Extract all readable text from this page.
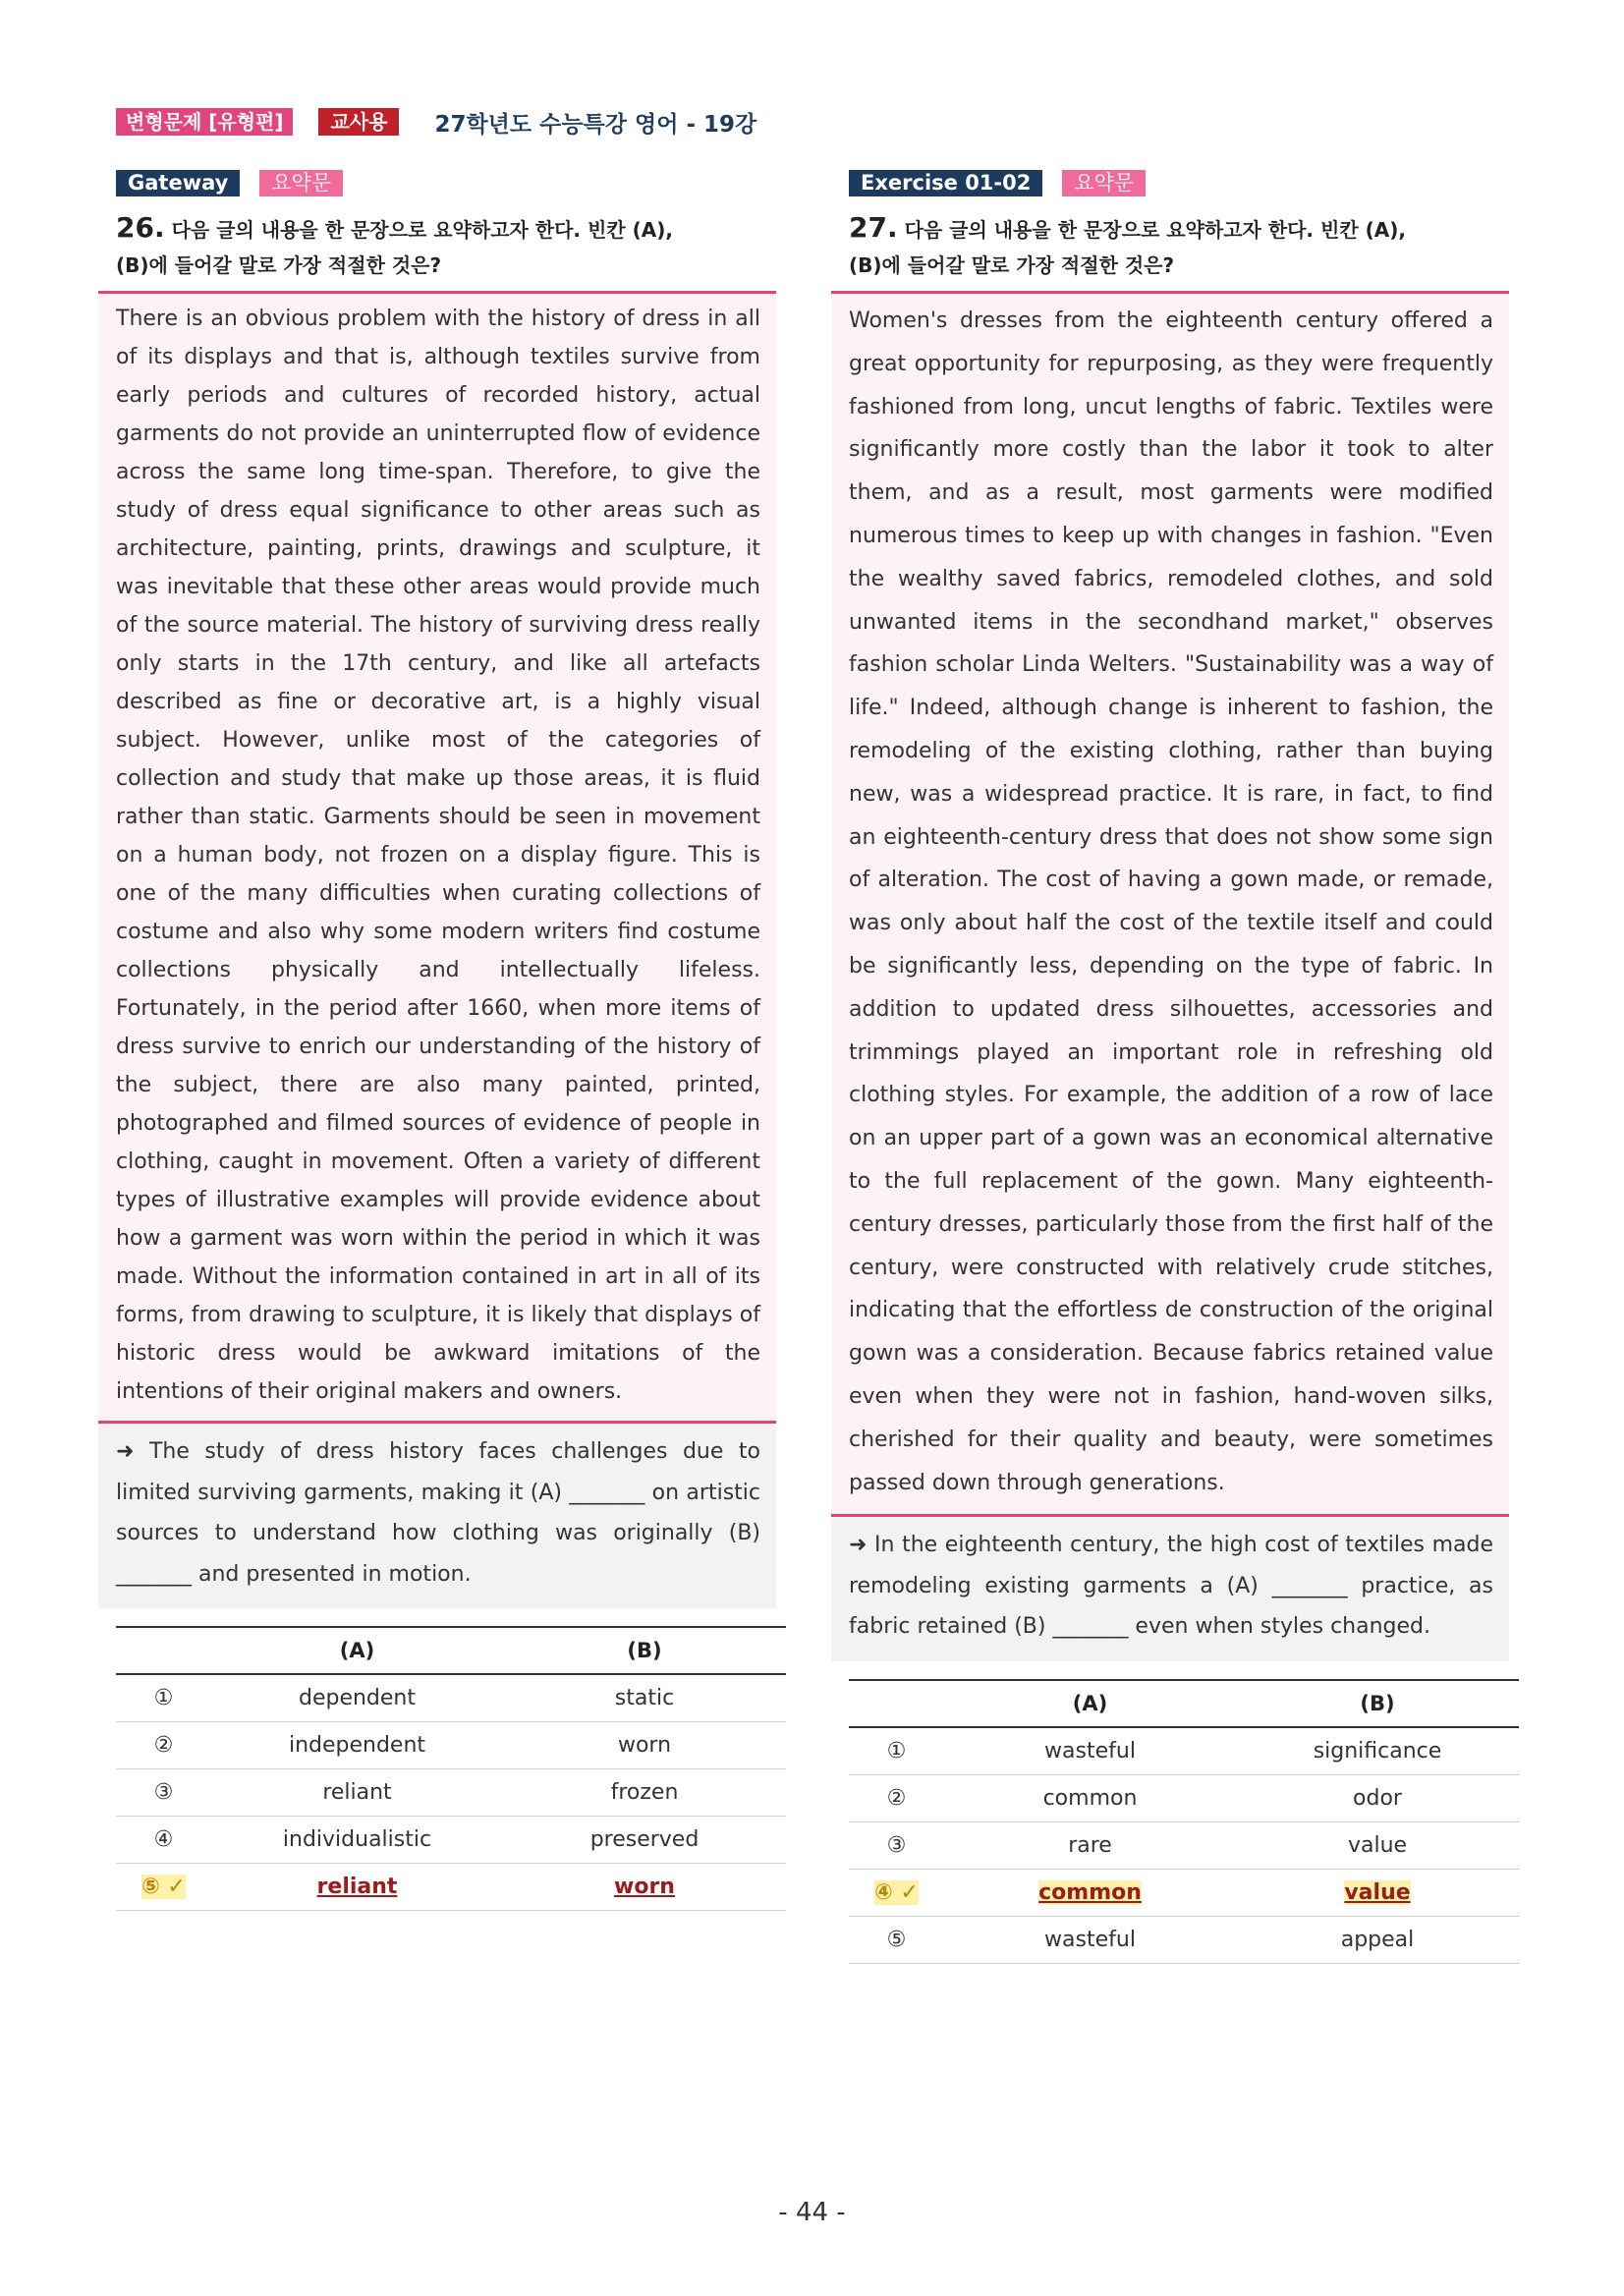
변형문제 [유형편]	교사용	27학년도 수능특강 영어 - 19강
Gateway	요약문
26. 다음 글의 내용을 한 문장으로 요약하고자 한다. 빈칸 (A),
(B)에 들어갈 말로 가장 적절한 것은?
There is an obvious problem with the history of dress in all of its displays and that is, although textiles survive from early periods and cultures of recorded history, actual garments do not provide an uninterrupted flow of evidence across the same long time-span. Therefore, to give the study of dress equal significance to other areas such as architecture, painting, prints, drawings and sculpture, it was inevitable that these other areas would provide much of the source material. The history of surviving dress really only starts in the 17th century, and like all artefacts described as fine or decorative art, is a highly visual subject. However, unlike most of the categories of collection and study that make up those areas, it is fluid rather than static. Garments should be seen in movement on a human body, not frozen on a display figure. This is one of the many difficulties when curating collections of costume and also why some modern writers find costume collections physically and intellectually lifeless. Fortunately, in the period after 1660, when more items of dress survive to enrich our understanding of the history of the subject, there are also many painted, printed, photographed and filmed sources of evidence of people in clothing, caught in movement. Often a variety of different types of illustrative examples will provide evidence about how a garment was worn within the period in which it was made. Without the information contained in art in all of its forms, from drawing to sculpture, it is likely that displays of historic dress would be awkward imitations of the intentions of their original makers and owners.
➜ The study of dress history faces challenges due to limited surviving garments, making it (A) _______ on artistic sources to understand how clothing was originally (B) _______ and presented in motion.
	(A)	(B)
①	dependent	static
②	independent	worn
③	reliant	frozen
④	individualistic	preserved
⑤ ✓	reliant	worn
Exercise 01-02	요약문
27. 다음 글의 내용을 한 문장으로 요약하고자 한다. 빈칸 (A),
(B)에 들어갈 말로 가장 적절한 것은?
Women's dresses from the eighteenth century offered a great opportunity for repurposing, as they were frequently fashioned from long, uncut lengths of fabric. Textiles were significantly more costly than the labor it took to alter them, and as a result, most garments were modified numerous times to keep up with changes in fashion. "Even the wealthy saved fabrics, remodeled clothes, and sold unwanted items in the secondhand market," observes fashion scholar Linda Welters. "Sustainability was a way of life." Indeed, although change is inherent to fashion, the remodeling of the existing clothing, rather than buying new, was a widespread practice. It is rare, in fact, to find an eighteenth-century dress that does not show some sign of alteration. The cost of having a gown made, or remade, was only about half the cost of the textile itself and could be significantly less, depending on the type of fabric. In addition to updated dress silhouettes, accessories and trimmings played an important role in refreshing old clothing styles. For example, the addition of a row of lace on an upper part of a gown was an economical alternative to the full replacement of the gown. Many eighteenth-century dresses, particularly those from the first half of the century, were constructed with relatively crude stitches, indicating that the effortless de construction of the original gown was a consideration. Because fabrics retained value even when they were not in fashion, hand-woven silks, cherished for their quality and beauty, were sometimes passed down through generations.
➜ In the eighteenth century, the high cost of textiles made remodeling existing garments a (A) _______ practice, as fabric retained (B) _______ even when styles changed.
	(A)	(B)
①	wasteful	significance
②	common	odor
③	rare	value
④ ✓	common	value
⑤	wasteful	appeal
- 44 -
